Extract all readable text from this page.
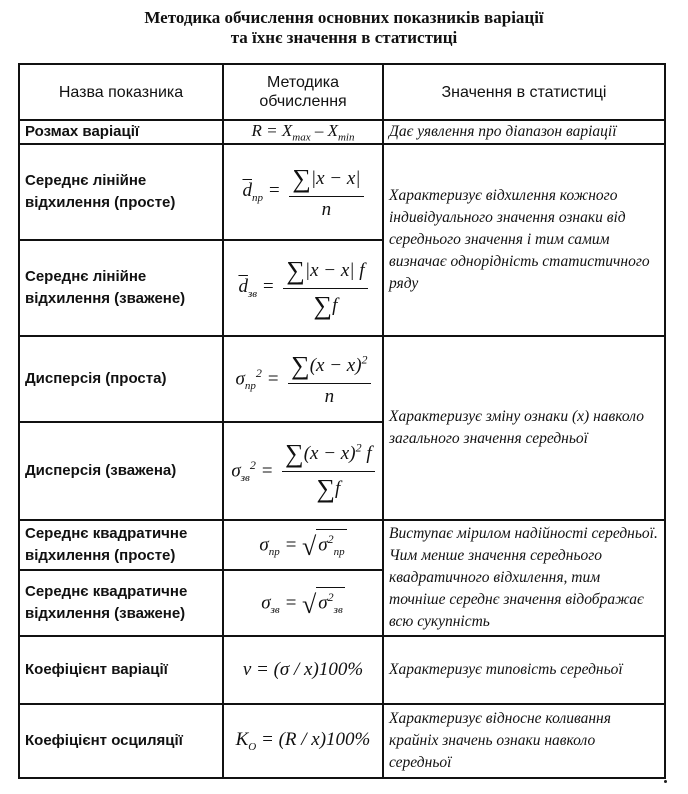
Методика обчислення основних показників варіації
та їхнє значення в статистиці
Назва показника	Методика обчислення	Значення в статистиці
Розмах варіації	$R = X_{max} - X_{min}$	Дає уявлення про діапазон варіації
Середнє лінійне відхилення (просте)	$\overline{d}_{пр} = \frac{\sum|x - x|}{n}$	Характеризує відхилення кожного індивідуального значення ознаки від середнього значення і тим самим визначає однорідність статистичного ряду
Середнє лінійне відхилення (зважене)	$\overline{d}_{зв} = \frac{\sum|x - x| f}{\sum f}$

Дисперсія (проста)	$\sigma_{пр}^2 = \frac{\sum(x - x)^2}{n}$	Характеризує зміну ознаки (х) навколо загального значення середньої
Дисперсія (зважена)	$\sigma_{зв}^2 = \frac{\sum(x - x)^2 f}{\sum f}$

Середнє квадратичне відхилення (просте)	$\sigma_{пр}$ = √ $\sigma^2_{пр}$	Виступає мірилом надійності середньої. Чим менше значення середнього квадратичного відхилення, тим точніше середнє значення відображає всю сукупність
Середнє квадратичне відхилення (зважене)	$\sigma_{зв}$ = √ $\sigma^2_{зв}$
Коефіцієнт варіації	v = (σ / x)100%	Характеризує типовість середньої
Коефіцієнт осциляції	$K_O = (R / x)100\%$	Характеризує відносне коливання крайніх значень ознаки навколо середньої
